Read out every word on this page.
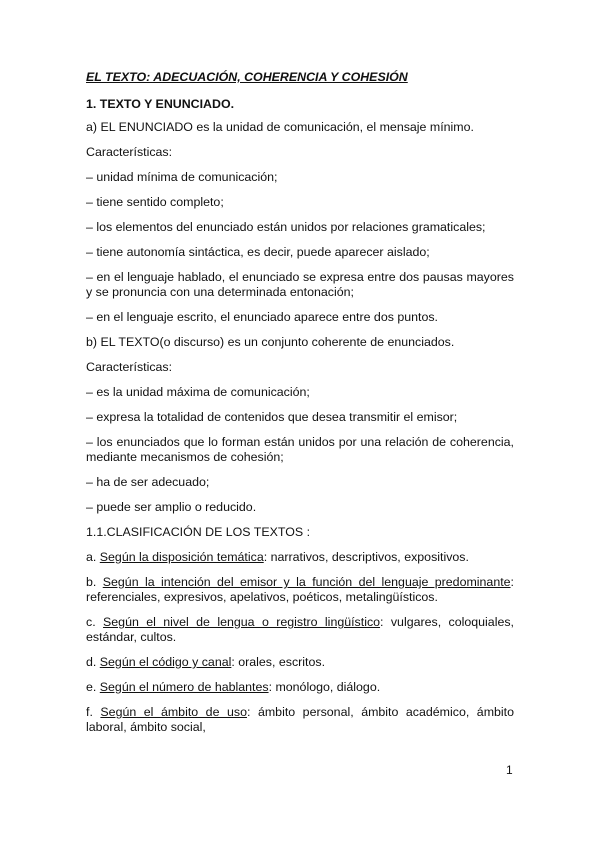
EL TEXTO: ADECUACIÓN, COHERENCIA Y COHESIÓN
1. TEXTO Y ENUNCIADO.

a) EL ENUNCIADO es la unidad de comunicación, el mensaje mínimo.

Características:

– unidad mínima de comunicación;

– tiene sentido completo;

– los elementos del enunciado están unidos por relaciones gramaticales;

– tiene autonomía sintáctica, es decir, puede aparecer aislado;

– en el lenguaje hablado, el enunciado se expresa entre dos pausas mayores y se pronuncia con una determinada entonación;

– en el lenguaje escrito, el enunciado aparece entre dos puntos.

b) EL TEXTO(o discurso) es un conjunto coherente de enunciados.

Características:

– es la unidad máxima de comunicación;

– expresa la totalidad de contenidos que desea transmitir el emisor;

– los enunciados que lo forman están unidos por una relación de coherencia, mediante mecanismos de cohesión;

– ha de ser adecuado;

– puede ser amplio o reducido.

1.1.CLASIFICACIÓN DE LOS TEXTOS :

a. Según la disposición temática: narrativos, descriptivos, expositivos.

b. Según la intención del emisor y la función del lenguaje predominante: referenciales, expresivos, apelativos, poéticos, metalingüísticos.

c. Según el nivel de lengua o registro lingüístico: vulgares, coloquiales, estándar, cultos.

d. Según el código y canal: orales, escritos.

e. Según el número de hablantes: monólogo, diálogo.

f. Según el ámbito de uso: ámbito personal, ámbito académico, ámbito laboral, ámbito social,

1
